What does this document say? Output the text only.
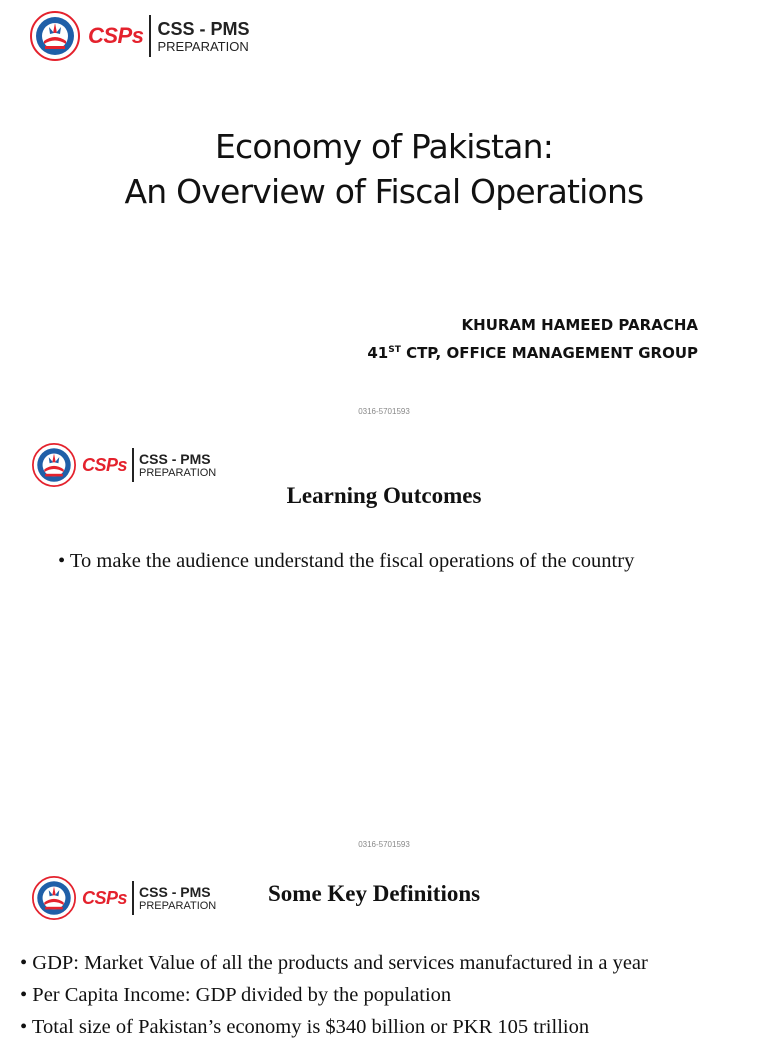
CSPs CSS - PMS
PREPARATION
Economy of Pakistan:
An Overview of Fiscal Operations
KHURAM HAMEED PARACHA
41ST CTP, OFFICE MANAGEMENT GROUP
0316-5701593
CSPs CSS - PMS
PREPARATION
Learning Outcomes
• To make the audience understand the fiscal operations of the country
0316-5701593
CSPs CSS - PMS
PREPARATION Some Key Definitions
• GDP: Market Value of all the products and services manufactured in a year
• Per Capita Income: GDP divided by the population
• Total size of Pakistan’s economy is $340 billion or PKR 105 trillion
